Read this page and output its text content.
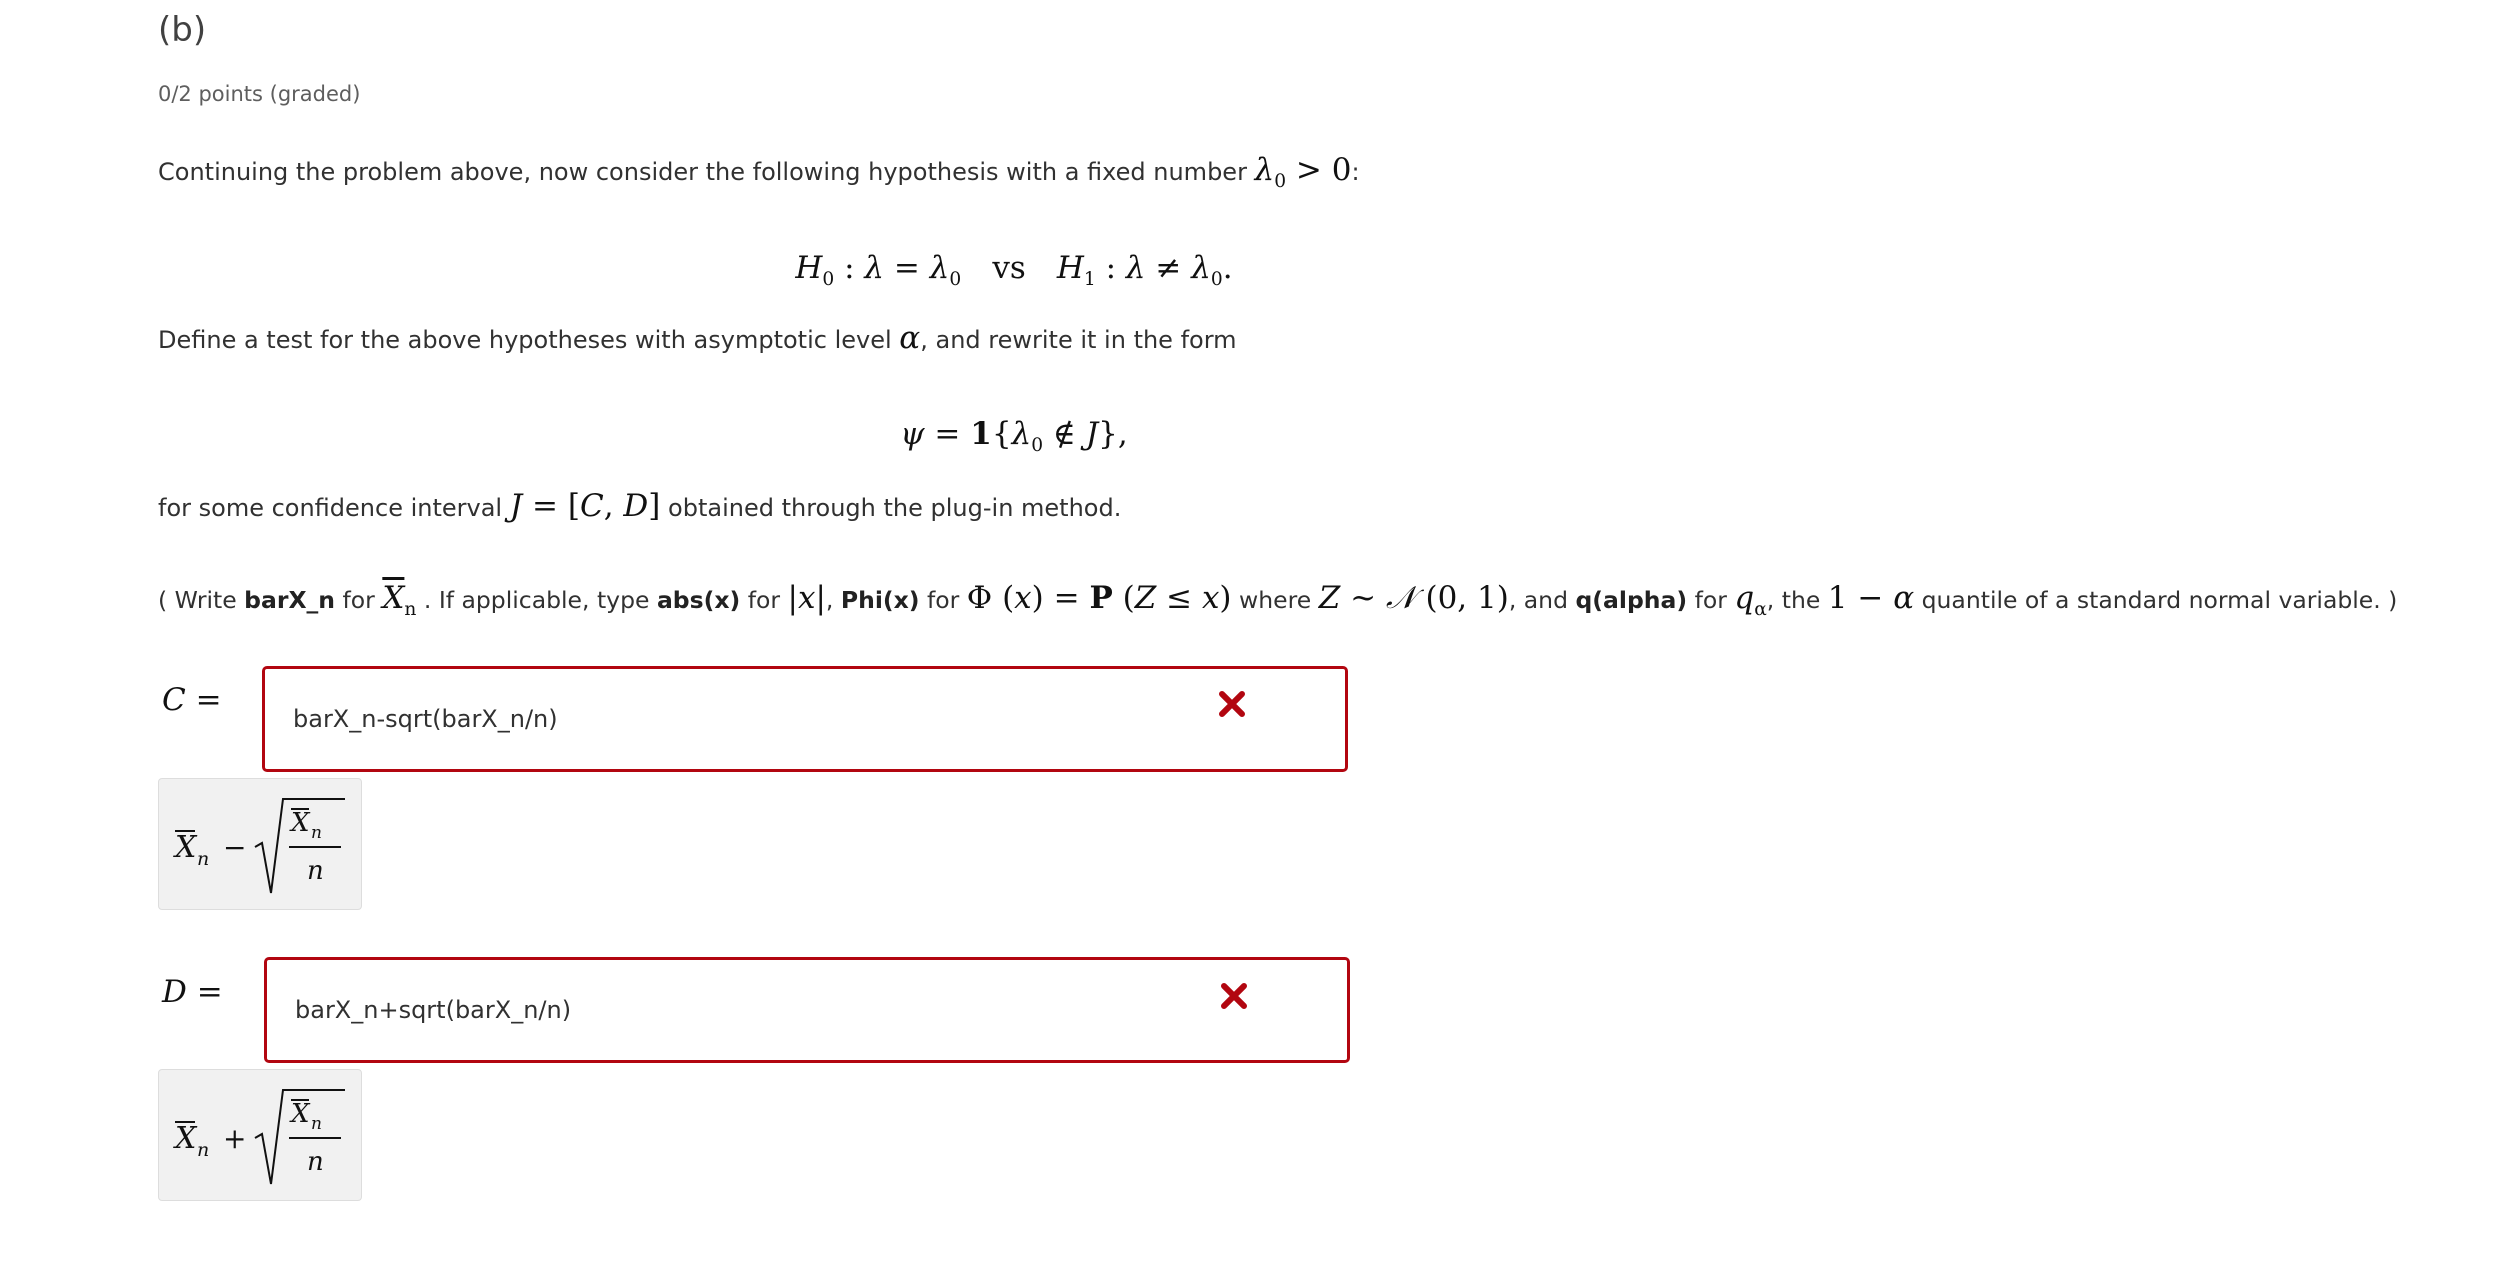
(b)
0/2 points (graded)
Continuing the problem above, now consider the following hypothesis with a fixed number $\lambda_0 > 0$:
$H_0$ : $\lambda = \lambda_0$ vs $H_1$ : $\lambda \ne \lambda_0$.
Define a test for the above hypotheses with asymptotic level α, and rewrite it in the form
$\psi = 1\{\lambda_0$ ∉ J},
for some confidence interval J = [C, D] obtained through the plug-in method.
( Write barX_n for $\overline{X}_n$ . If applicable, type abs(x) for |x|, Phi(x) for Φ (x) = P (Z ≤ x) where Z ~ 𝒩 (0, 1), and q(alpha) for $q_\alpha$, the 1 − α quantile of a standard normal variable. )
C =
barX_n-sqrt(barX_n/n)
X n −
X n
n
D =
barX_n+sqrt(barX_n/n)
X n +
X n
n
